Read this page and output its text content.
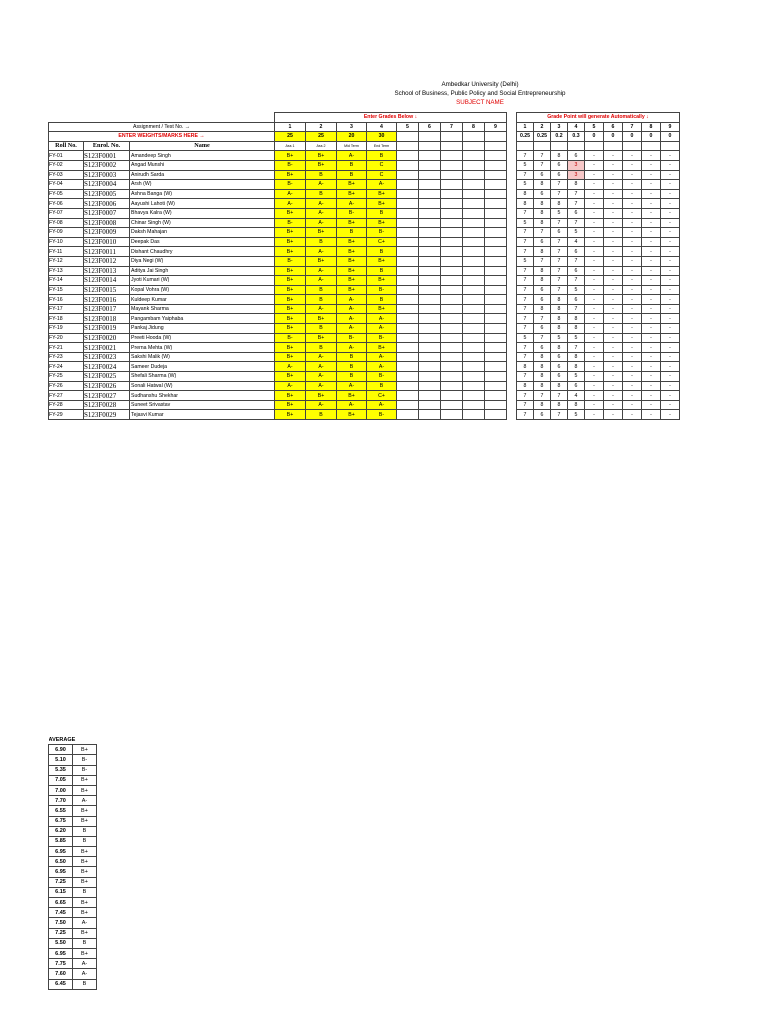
Ambedkar University (Delhi)
School of Business, Public Policy and Social Entrepreneurship
SUBJECT NAME
			Enter Grades Below ↓										Grade Point will generate Automatically ↓								
Assignment / Test No. →			1	2	3	4	5	6	7	8	9		1	2	3	4	5	6	7	8	9
ENTER WEIGHTS/MARKS HERE →			25	25	20	30							0.25	0.25	0.2	0.3	0	0	0	0	0
Roll No.	Enrol. No.	Name	Ass 1	Ass 2	Mid Term	End Term															
FY-01	S123F0001	Amandeep Singh	B+	B+	A-	B							7	7	8	6	-	-	-	-	-
FY-02	S123F0002	Angad Munshi	B-	B+	B	C							5	7	6	3	-	-	-	-	-
FY-03	S123F0003	Anirudh Sarda	B+	B	B	C							7	6	6	3	-	-	-	-	-
FY-04	S123F0004	Arsh (W)	B-	A-	B+	A-							5	8	7	8	-	-	-	-	-
FY-05	S123F0005	Ashna Banga (W)	A-	B	B+	B+							8	6	7	7	-	-	-	-	-
FY-06	S123F0006	Aayushi Lahoti (W)	A-	A-	A-	B+							8	8	8	7	-	-	-	-	-
FY-07	S123F0007	Bhavya Kalra (W)	B+	A-	B-	B							7	8	5	6	-	-	-	-	-
FY-08	S123F0008	Chinar Singh (W)	B-	A-	B+	B+							5	8	7	7	-	-	-	-	-
FY-09	S123F0009	Daksh Mahajan	B+	B+	B	B-							7	7	6	5	-	-	-	-	-
FY-10	S123F0010	Deepak Das	B+	B	B+	C+							7	6	7	4	-	-	-	-	-
FY-11	S123F0011	Dishant Chaudhry	B+	A-	B+	B							7	8	7	6	-	-	-	-	-
FY-12	S123F0012	Diya Negi (W)	B-	B+	B+	B+							5	7	7	7	-	-	-	-	-
FY-13	S123F0013	Aditya Jai Singh	B+	A-	B+	B							7	8	7	6	-	-	-	-	-
FY-14	S123F0014	Jyoti Kumari (W)	B+	A-	B+	B+							7	8	7	7	-	-	-	-	-
FY-15	S123F0015	Kopal Vohra (W)	B+	B	B+	B-							7	6	7	5	-	-	-	-	-
FY-16	S123F0016	Kuldeep Kumar	B+	B	A-	B							7	6	8	6	-	-	-	-	-
FY-17	S123F0017	Mayank Sharma	B+	A-	A-	B+							7	8	8	7	-	-	-	-	-
FY-18	S123F0018	Pangambam Yaiphaba	B+	B+	A-	A-							7	7	8	8	-	-	-	-	-
FY-19	S123F0019	Pankaj Jidung	B+	B	A-	A-							7	6	8	8	-	-	-	-	-
FY-20	S123F0020	Preeti Hooda (W)	B-	B+	B-	B-							5	7	5	5	-	-	-	-	-
FY-21	S123F0021	Prerna Mehta (W)	B+	B	A-	B+							7	6	8	7	-	-	-	-	-
FY-23	S123F0023	Sakshi Malik (W)	B+	A-	B	A-							7	8	6	8	-	-	-	-	-
FY-24	S123F0024	Sameer Dudeja	A-	A-	B	A-							8	8	6	8	-	-	-	-	-
FY-25	S123F0025	Shefali Sharma (W)	B+	A-	B	B-							7	8	6	5	-	-	-	-	-
FY-26	S123F0026	Sonali Hatwal (W)	A-	A-	A-	B							8	8	8	6	-	-	-	-	-
FY-27	S123F0027	Sudhanshu Shekhar	B+	B+	B+	C+							7	7	7	4	-	-	-	-	-
FY-28	S123F0028	Suneet Srivastav	B+	A-	A-	A-							7	8	8	8	-	-	-	-	-
FY-29	S123F0029	Tejasvi Kumar	B+	B	B+	B-							7	6	7	5	-	-	-	-	-
AVERAGE		
6.90	B+	
5.10	B-	
5.35	B-	
7.05	B+	
7.00	B+	
7.70	A-	
6.55	B+	
6.75	B+	
6.20	B	
5.85	B	
6.95	B+	
6.50	B+	
6.95	B+	
7.25	B+	
6.15	B	
6.65	B+	
7.45	B+	
7.50	A-	
7.25	B+	
5.50	B	
6.95	B+	
7.75	A-	
7.60	A-	
6.45	B	
